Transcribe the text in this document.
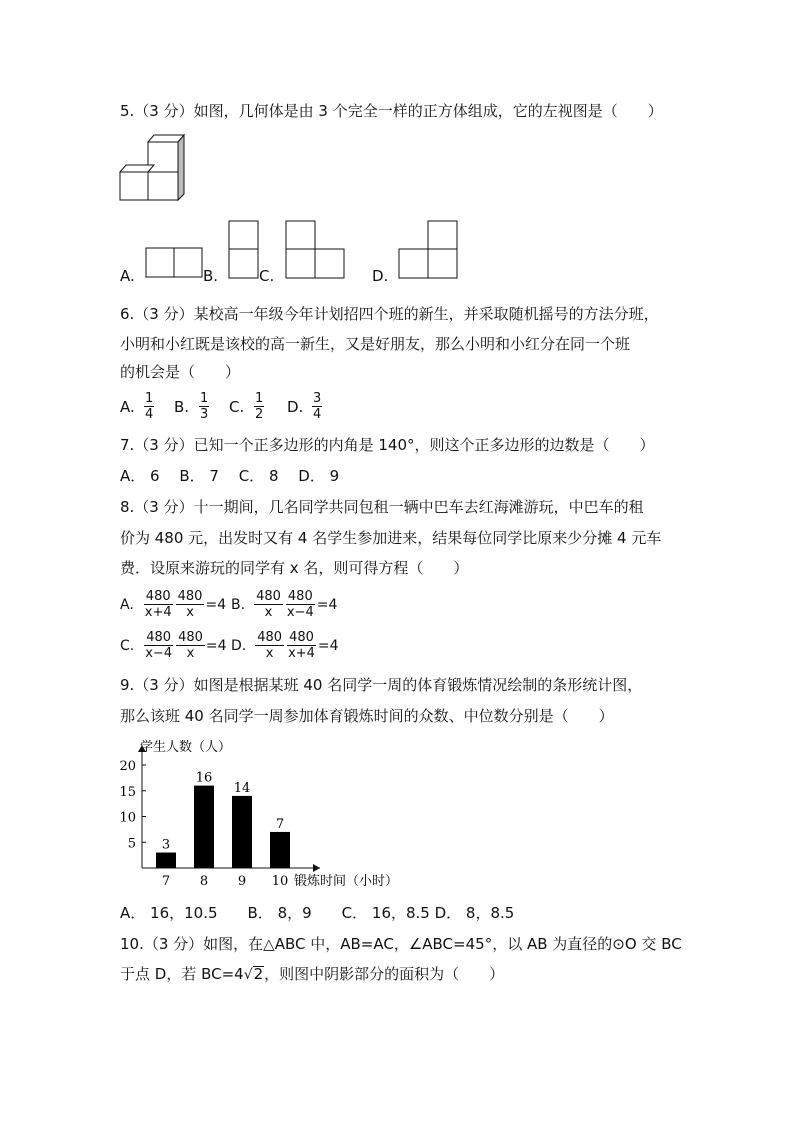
5.（3 分）如图，几何体是由 3 个完全一样的正方体组成，它的左视图是（　　）
A.	B.	C.	D.
6.（3 分）某校高一年级今年计划招四个班的新生，并采取随机摇号的方法分班，
小明和小红既是该校的高一新生，又是好朋友，那么小明和小红分在同一个班
的机会是（　　）
A. $\frac{1}{4} B$. $\frac{1}{3} C$. $\frac{1}{2} D$. $\frac{3}{4}$
7.（3 分）已知一个正多边形的内角是 140°，则这个正多边形的边数是（　　）
A． 6　 B． 7　 C． 8　 D． 9
8.（3 分）十一期间，几名同学共同包租一辆中巴车去红海滩游玩，中巴车的租
价为 480 元，出发时又有 4 名学生参加进来，结果每位同学比原来少分摊 4 元车
费．设原来游玩的同学有 x 名，则可得方程（　　）
A. $\frac{480}{x+4} \frac{480}{x} =4$ B. $\frac{480}{x} \frac{480}{x-4} =4$
C. $\frac{480}{x-4} \frac{480}{x} =4$ D. $\frac{480}{x} \frac{480}{x+4} =4$
9.（3 分）如图是根据某班 40 名同学一周的体育锻炼情况绘制的条形统计图，
那么该班 40 名同学一周参加体育锻炼时间的众数、中位数分别是（　　）
5
10
15
20
3
7
16
8
14
9
7
10
学生人数（人）
锻炼时间（小时）
A． 16，10.5　　B． 8，9　　C． 16，8.5 D． 8，8.5
10.（3 分）如图，在△ABC 中，AB=AC，∠ABC=45°，以 AB 为直径的⊙O 交 BC
于点 D，若 BC=4√2，则图中阴影部分的面积为（　　）
